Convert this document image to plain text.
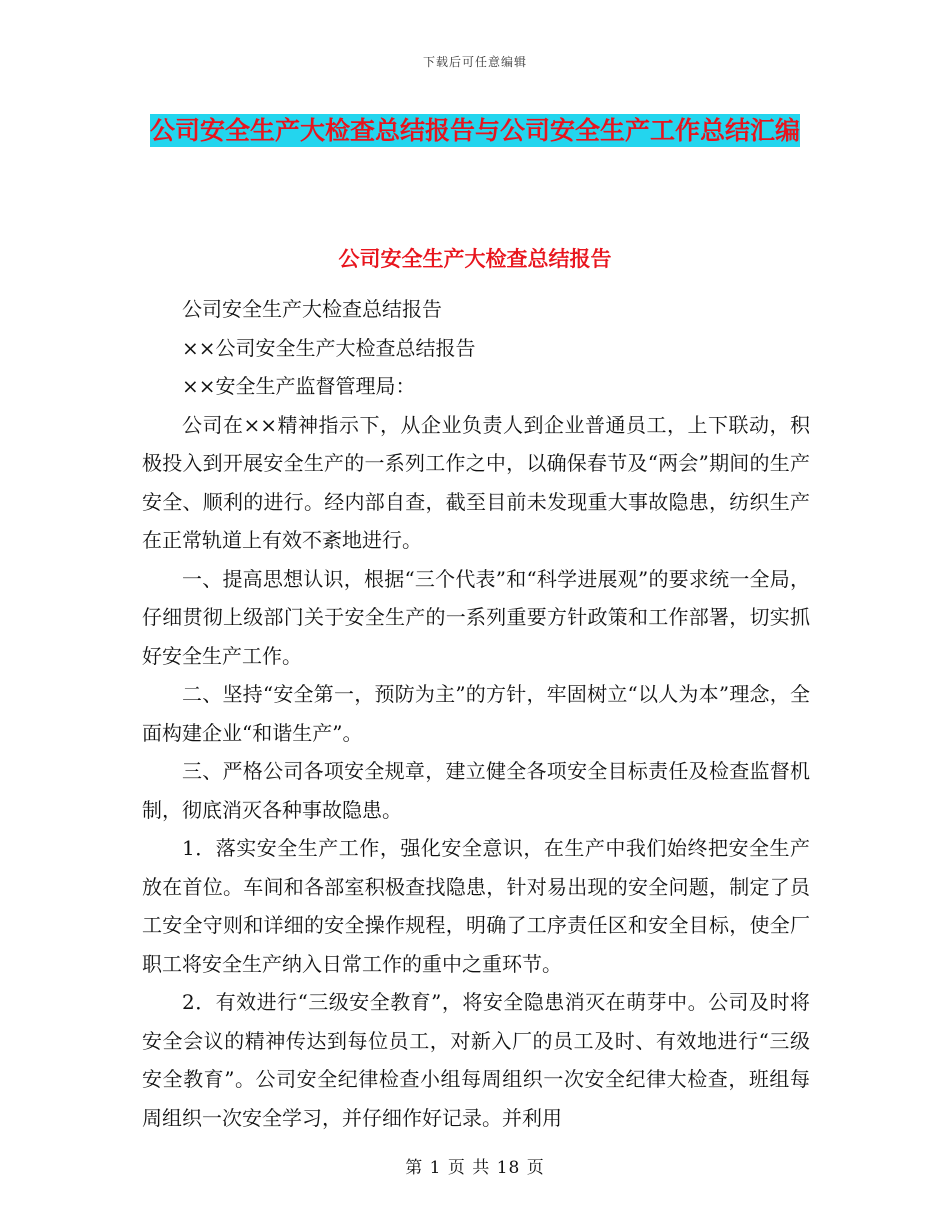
下载后可任意编辑
公司安全生产大检查总结报告与公司安全生产工作总结汇编
公司安全生产大检查总结报告

公司安全生产大检查总结报告

××公司安全生产大检查总结报告

××安全生产监督管理局：

公司在××精神指示下，从企业负责人到企业普通员工，上下联动，积极投入到开展安全生产的一系列工作之中，以确保春节及“两会”期间的生产安全、顺利的进行。经内部自查，截至目前未发现重大事故隐患，纺织生产在正常轨道上有效不紊地进行。

一、提高思想认识，根据“三个代表”和“科学进展观”的要求统一全局，仔细贯彻上级部门关于安全生产的一系列重要方针政策和工作部署，切实抓好安全生产工作。

二、坚持“安全第一，预防为主”的方针，牢固树立“以人为本”理念，全面构建企业“和谐生产”。

三、严格公司各项安全规章，建立健全各项安全目标责任及检查监督机制，彻底消灭各种事故隐患。

1．落实安全生产工作，强化安全意识，在生产中我们始终把安全生产放在首位。车间和各部室积极查找隐患，针对易出现的安全问题，制定了员工安全守则和详细的安全操作规程，明确了工序责任区和安全目标，使全厂职工将安全生产纳入日常工作的重中之重环节。

2．有效进行“三级安全教育”，将安全隐患消灭在萌芽中。公司及时将安全会议的精神传达到每位员工，对新入厂的员工及时、有效地进行“三级安全教育”。公司安全纪律检查小组每周组织一次安全纪律大检查，班组每周组织一次安全学习，并仔细作好记录。并利用

第 1 页 共 18 页
